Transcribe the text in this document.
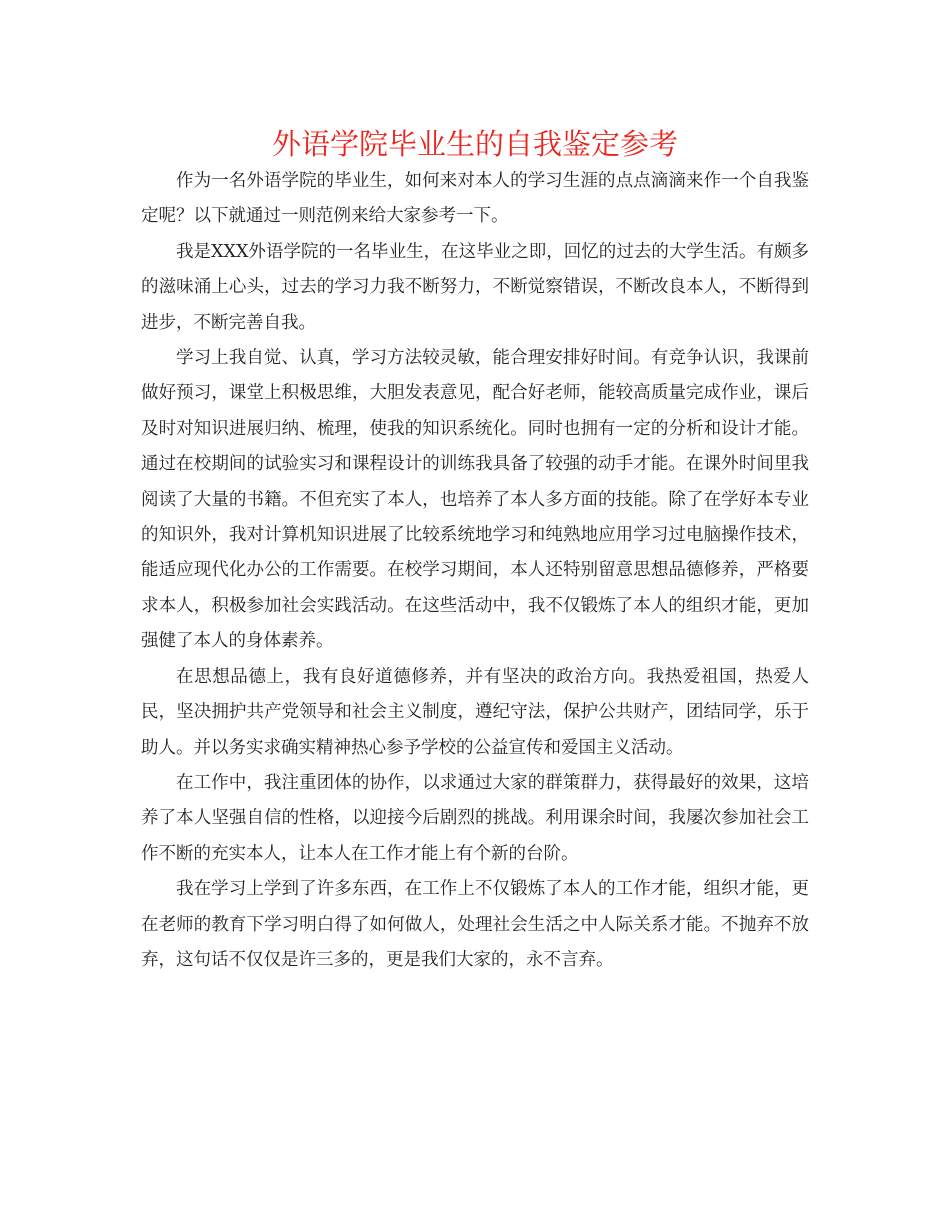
外语学院毕业生的自我鉴定参考

作为一名外语学院的毕业生，如何来对本人的学习生涯的点点滴滴来作一个自我鉴定呢？以下就通过一则范例来给大家参考一下。

我是XXX外语学院的一名毕业生，在这毕业之即，回忆的过去的大学生活。有颇多的滋味涌上心头，过去的学习力我不断努力，不断觉察错误，不断改良本人，不断得到进步，不断完善自我。

学习上我自觉、认真，学习方法较灵敏，能合理安排好时间。有竞争认识，我课前做好预习，课堂上积极思维，大胆发表意见，配合好老师，能较高质量完成作业，课后及时对知识进展归纳、梳理，使我的知识系统化。同时也拥有一定的分析和设计才能。通过在校期间的试验实习和课程设计的训练我具备了较强的动手才能。在课外时间里我阅读了大量的书籍。不但充实了本人，也培养了本人多方面的技能。除了在学好本专业的知识外，我对计算机知识进展了比较系统地学习和纯熟地应用学习过电脑操作技术，能适应现代化办公的工作需要。在校学习期间，本人还特别留意思想品德修养，严格要求本人，积极参加社会实践活动。在这些活动中，我不仅锻炼了本人的组织才能，更加强健了本人的身体素养。

在思想品德上，我有良好道德修养，并有坚决的政治方向。我热爱祖国，热爱人民，坚决拥护共产党领导和社会主义制度，遵纪守法，保护公共财产，团结同学，乐于助人。并以务实求确实精神热心参予学校的公益宣传和爱国主义活动。

在工作中，我注重团体的协作，以求通过大家的群策群力，获得最好的效果，这培养了本人坚强自信的性格，以迎接今后剧烈的挑战。利用课余时间，我屡次参加社会工作不断的充实本人，让本人在工作才能上有个新的台阶。

我在学习上学到了许多东西，在工作上不仅锻炼了本人的工作才能，组织才能，更在老师的教育下学习明白得了如何做人，处理社会生活之中人际关系才能。不抛弃不放弃，这句话不仅仅是许三多的，更是我们大家的，永不言弃。
